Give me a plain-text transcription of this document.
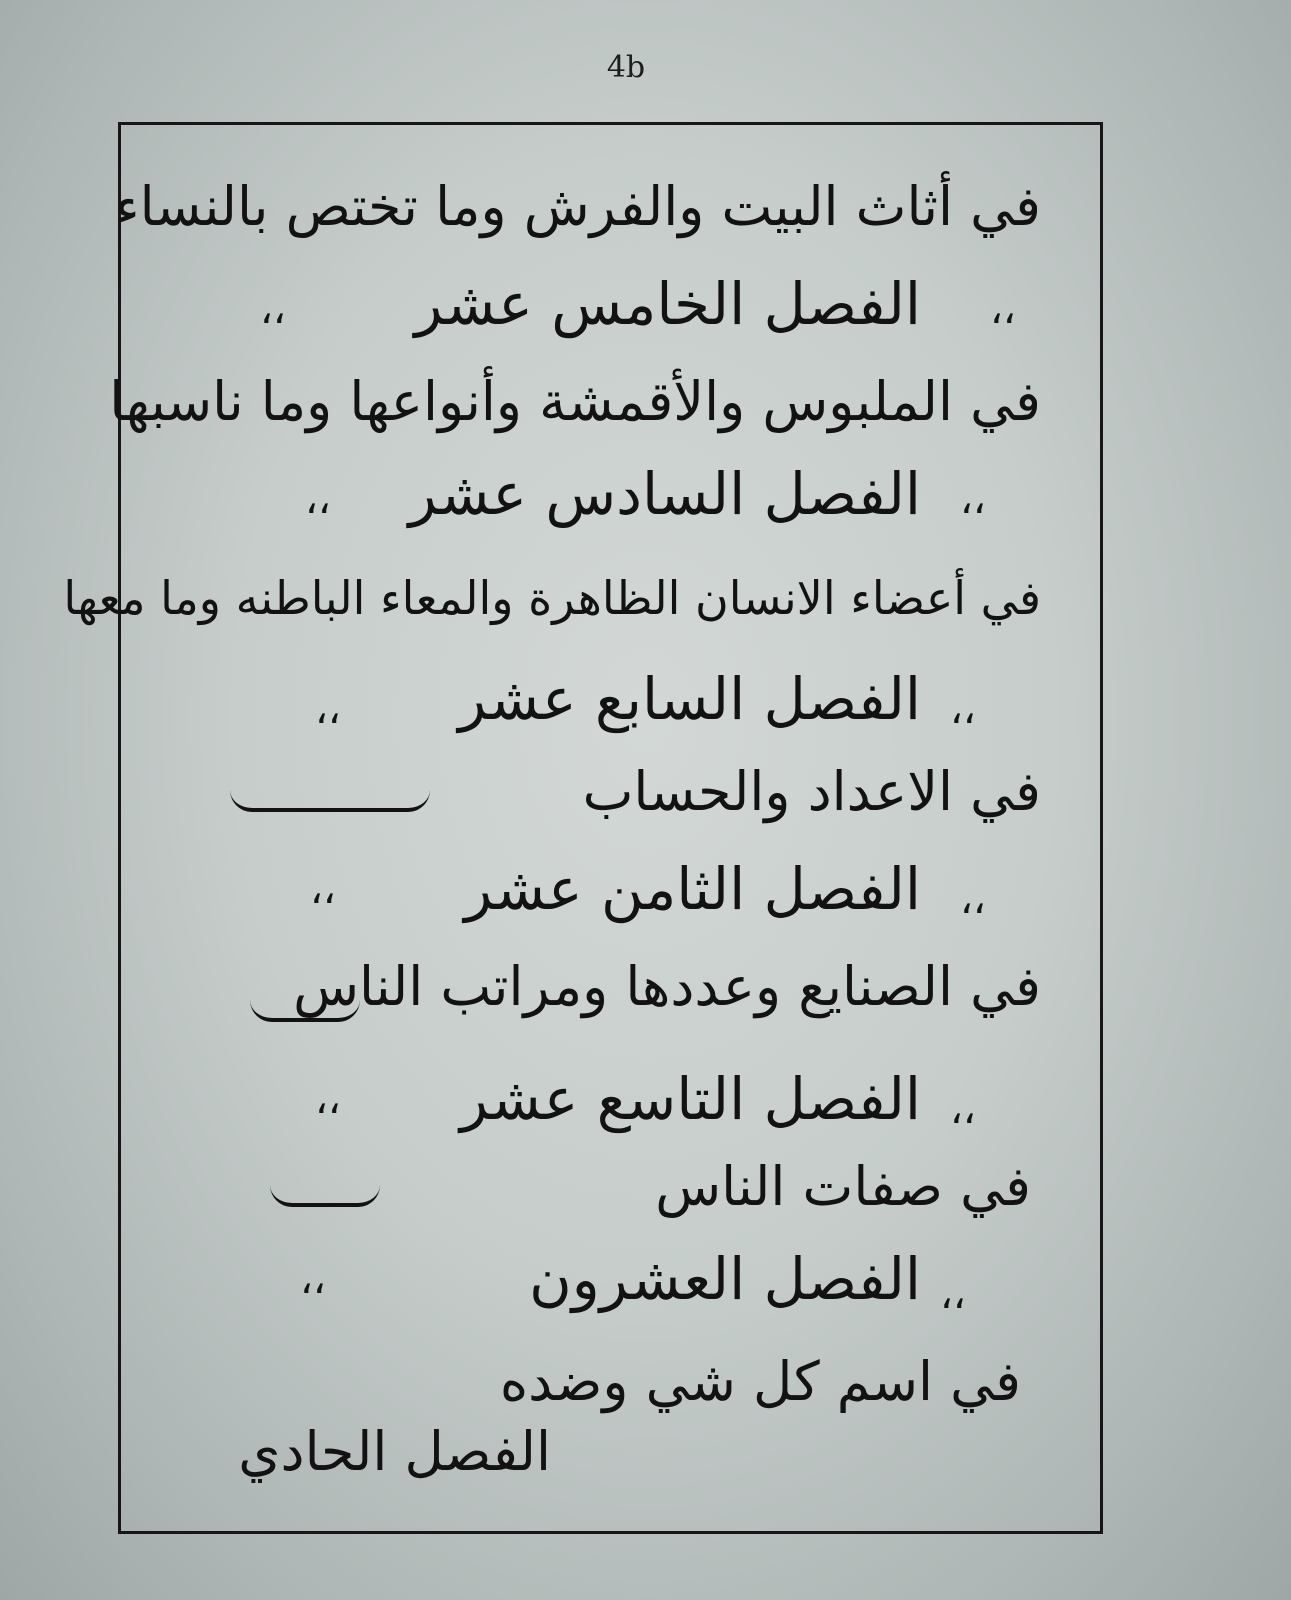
4b
في أثاث البيت والفرش وما تختص بالنساء
،،
الفصل الخامس عشر
،،
في الملبوس والأقمشة وأنواعها وما ناسبها
،،
الفصل السادس عشر
،،
في أعضاء الانسان الظاهرة والمعاء الباطنه وما معها
،،
الفصل السابع عشر
،،
في الاعداد والحساب
،،
الفصل الثامن عشر
،،
في الصنايع وعددها ومراتب الناس
،،
الفصل التاسع عشر
،،
في صفات الناس
،،
الفصل العشرون
،،
في اسم كل شي وضده
الفصل الحادي
